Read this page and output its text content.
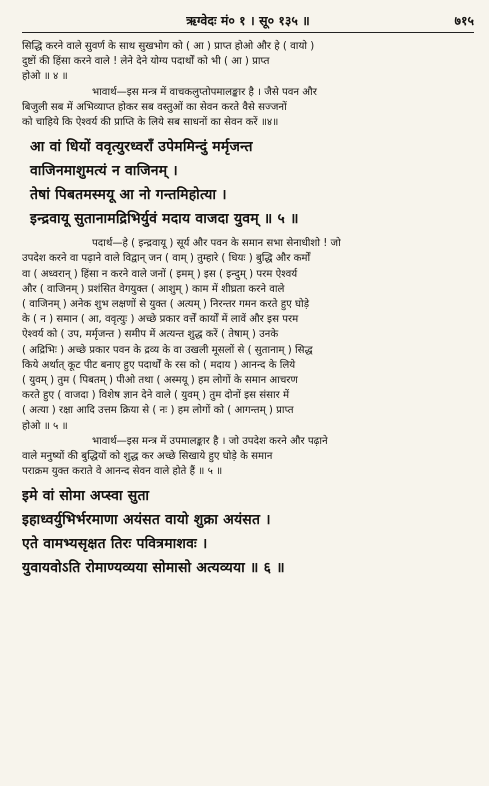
ऋग्वेदः मं० १ । सू० १३५ ॥	७१५
सिद्धि करने वाले सुवर्ण के साथ सुखभोग को ( आ ) प्राप्त होओ और हे ( वायो )
दुष्टों की हिंसा करने वाले ! लेने देने योग्य पदार्थों को भी ( आ ) प्राप्त
होओ ॥ ४ ॥
भावार्थ—इस मन्त्र में वाचकलुप्तोपमालङ्कार है । जैसे पवन और
बिजुली सब में अभिव्याप्त होकर सब वस्तुओं का सेवन करते वैसे सज्जनों
को चाहिये कि ऐश्वर्य की प्राप्ति के लिये सब साधनों का सेवन करें ॥४॥
आ वां धियों ववृत्युरध्वराँ उपेममिन्दुं मर्मृजन्त
वाजिनमाशुमत्यं न वाजिनम् ।
तेषां पिबतमस्मयू आ नो गन्तमिहोत्या ।
इन्द्रवायू सुतानामद्रिभिर्युवं मदाय वाजदा युवम् ॥ ५ ॥
पदार्थ—हे ( इन्द्रवायू ) सूर्य और पवन के समान सभा सेनाधीशो ! जो
उपदेश करने वा पढ़ाने वाले विद्वान् जन ( वाम् ) तुम्हारे ( धियः ) बुद्धि और कर्मों
वा ( अध्वरान् ) हिंसा न करने वाले जनों ( इमम् ) इस ( इन्दुम् ) परम ऐश्वर्य
और ( वाजिनम् ) प्रशंसित वेगयुक्त ( आशुम् ) काम में शीघ्रता करने वाले
( वाजिनम् ) अनेक शुभ लक्षणों से युक्त ( अत्यम् ) निरन्तर गमन करते हुए घोड़े
के ( न ) समान ( आ, ववृत्युः ) अच्छे प्रकार वर्त्तें कार्यों में लावें और इस परम
ऐश्वर्य को ( उप, मर्मृजन्त ) समीप में अत्यन्त शुद्ध करें ( तेषाम् ) उनके
( अद्रिभिः ) अच्छे प्रकार पवन के द्रव्य के वा उखली मूसलों से ( सुतानाम् ) सिद्ध
किये अर्थात् कूट पीट बनाए हुए पदार्थों के रस को ( मदाय ) आनन्द के लिये
( युवम् ) तुम ( पिबतम् ) पीओ तथा ( अस्मयू ) हम लोगों के समान आचरण
करते हुए ( वाजदा ) विशेष ज्ञान देने वाले ( युवम् ) तुम दोनों इस संसार में
( अत्या ) रक्षा आदि उत्तम क्रिया से ( नः ) हम लोगों को ( आगन्तम् ) प्राप्त
होओ ॥ ५ ॥
भावार्थ—इस मन्त्र में उपमालङ्कार है । जो उपदेश करने और पढ़ाने
वाले मनुष्यों की बुद्धियों को शुद्ध कर अच्छे सिखाये हुए घोड़े के समान
पराक्रम युक्त कराते वे आनन्द सेवन वाले होते हैं ॥ ५ ॥
इमे वां सोमा अप्स्वा सुता
इहाध्वर्युभिर्भरमाणा अयंसत वायो शुक्रा अयंसत ।
एते वामभ्यसृक्षत तिरः पवित्रमाशवः ।
युवायवोऽति रोमाण्यव्यया सोमासो अत्यव्यया ॥ ६ ॥
